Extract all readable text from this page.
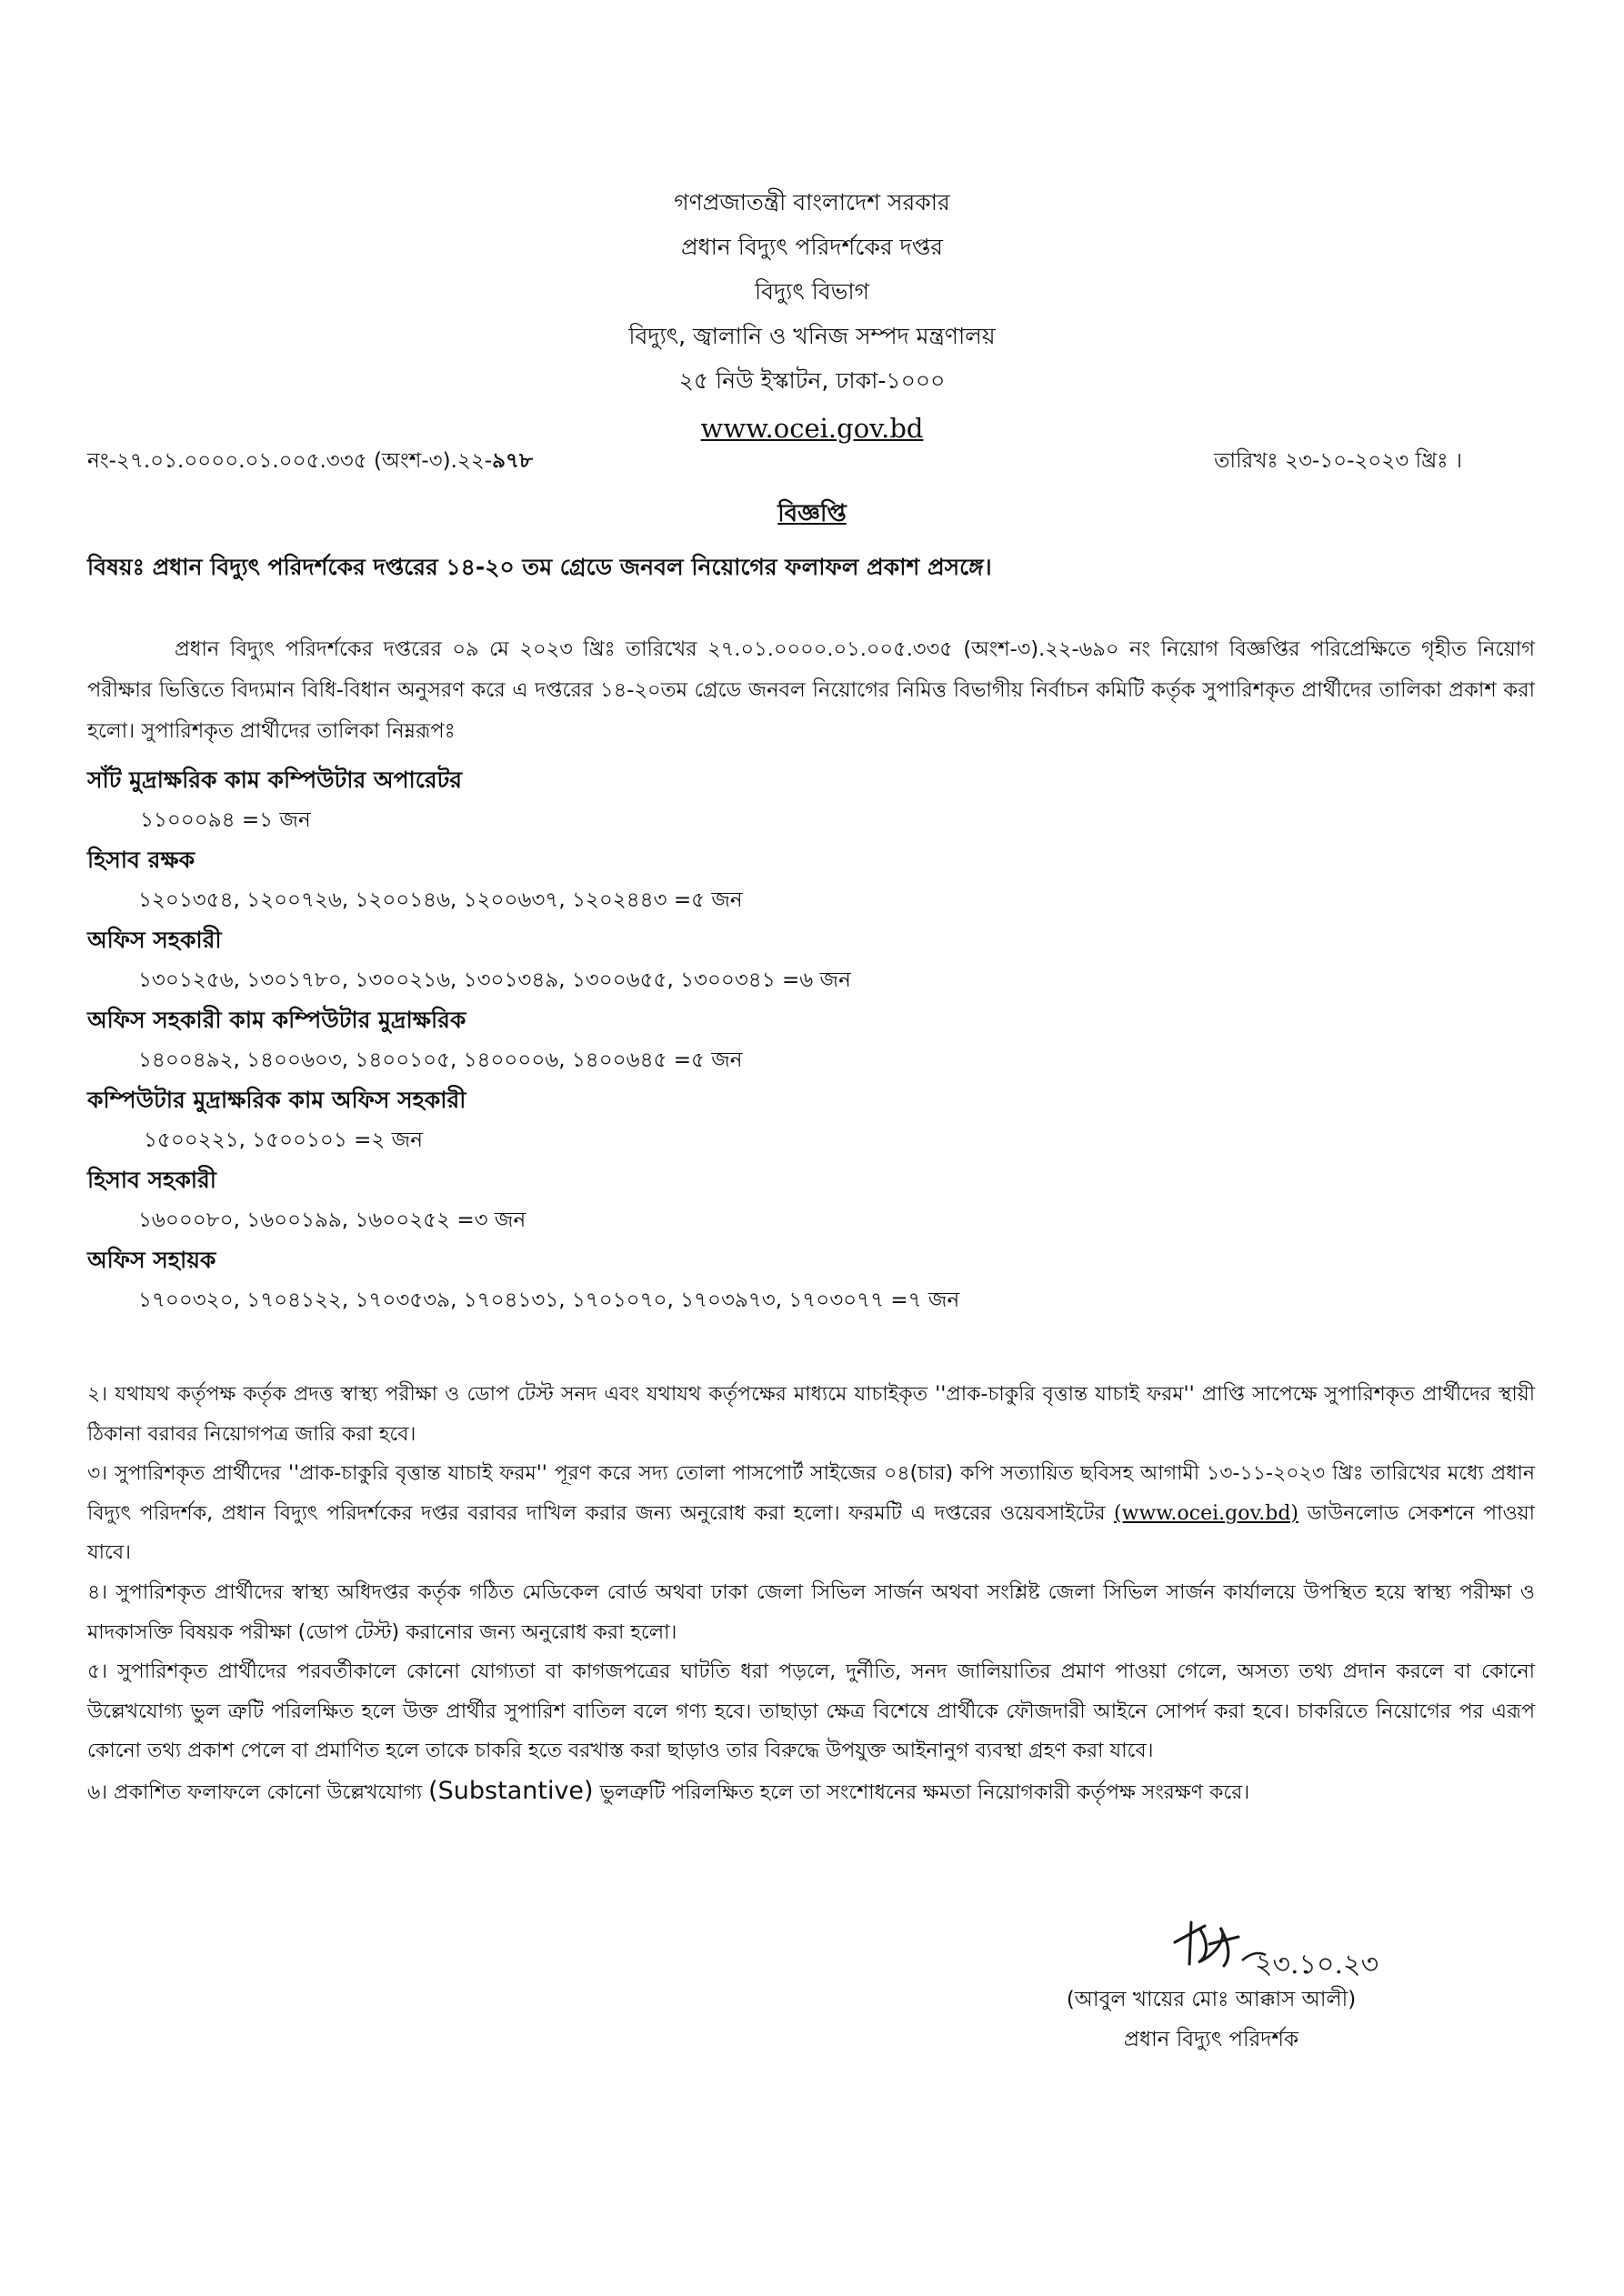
গণপ্রজাতন্ত্রী বাংলাদেশ সরকার
প্রধান বিদ্যুৎ পরিদর্শকের দপ্তর
বিদ্যুৎ বিভাগ
বিদ্যুৎ, জ্বালানি ও খনিজ সম্পদ মন্ত্রণালয়
২৫ নিউ ইস্কাটন, ঢাকা-১০০০
www.ocei.gov.bd
নং-২৭.০১.০০০০.০১.০০৫.৩৩৫ (অংশ-৩).২২-৯৭৮	তারিখঃ ২৩-১০-২০২৩ খ্রিঃ ।
বিজ্ঞপ্তি
বিষয়ঃ প্রধান বিদ্যুৎ পরিদর্শকের দপ্তরের ১৪-২০ তম গ্রেডে জনবল নিয়োগের ফলাফল প্রকাশ প্রসঙ্গে।
প্রধান বিদ্যুৎ পরিদর্শকের দপ্তরের ০৯ মে ২০২৩ খ্রিঃ তারিখের ২৭.০১.০০০০.০১.০০৫.৩৩৫ (অংশ-৩).২২-৬৯০ নং নিয়োগ বিজ্ঞপ্তির পরিপ্রেক্ষিতে গৃহীত নিয়োগ পরীক্ষার ভিত্তিতে বিদ্যমান বিধি-বিধান অনুসরণ করে এ দপ্তরের ১৪-২০তম গ্রেডে জনবল নিয়োগের নিমিত্ত বিভাগীয় নির্বাচন কমিটি কর্তৃক সুপারিশকৃত প্রার্থীদের তালিকা প্রকাশ করা হলো। সুপারিশকৃত প্রার্থীদের তালিকা নিম্নরূপঃ
সাঁট মুদ্রাক্ষরিক কাম কম্পিউটার অপারেটর
১১০০০৯৪ =১ জন
হিসাব রক্ষক
১২০১৩৫৪, ১২০০৭২৬, ১২০০১৪৬, ১২০০৬৩৭, ১২০২৪৪৩ =৫ জন
অফিস সহকারী
১৩০১২৫৬, ১৩০১৭৮০, ১৩০০২১৬, ১৩০১৩৪৯, ১৩০০৬৫৫, ১৩০০৩৪১ =৬ জন
অফিস সহকারী কাম কম্পিউটার মুদ্রাক্ষরিক
১৪০০৪৯২, ১৪০০৬০৩, ১৪০০১০৫, ১৪০০০০৬, ১৪০০৬৪৫ =৫ জন
কম্পিউটার মুদ্রাক্ষরিক কাম অফিস সহকারী
১৫০০২২১, ১৫০০১০১ =২ জন
হিসাব সহকারী
১৬০০০৮০, ১৬০০১৯৯, ১৬০০২৫২ =৩ জন
অফিস সহায়ক
১৭০০৩২০, ১৭০৪১২২, ১৭০৩৫৩৯, ১৭০৪১৩১, ১৭০১০৭০, ১৭০৩৯৭৩, ১৭০৩০৭৭ =৭ জন

২। যথাযথ কর্তৃপক্ষ কর্তৃক প্রদত্ত স্বাস্থ্য পরীক্ষা ও ডোপ টেস্ট সনদ এবং যথাযথ কর্তৃপক্ষের মাধ্যমে যাচাইকৃত ''প্রাক-চাকুরি বৃত্তান্ত যাচাই ফরম'' প্রাপ্তি সাপেক্ষে সুপারিশকৃত প্রার্থীদের স্থায়ী ঠিকানা বরাবর নিয়োগপত্র জারি করা হবে।

৩। সুপারিশকৃত প্রার্থীদের ''প্রাক-চাকুরি বৃত্তান্ত যাচাই ফরম'' পূরণ করে সদ্য তোলা পাসপোর্ট সাইজের ০৪(চার) কপি সত্যায়িত ছবিসহ আগামী ১৩-১১-২০২৩ খ্রিঃ তারিখের মধ্যে প্রধান বিদ্যুৎ পরিদর্শক, প্রধান বিদ্যুৎ পরিদর্শকের দপ্তর বরাবর দাখিল করার জন্য অনুরোধ করা হলো। ফরমটি এ দপ্তরের ওয়েবসাইটের (www.ocei.gov.bd) ডাউনলোড সেকশনে পাওয়া যাবে।

৪। সুপারিশকৃত প্রার্থীদের স্বাস্থ্য অধিদপ্তর কর্তৃক গঠিত মেডিকেল বোর্ড অথবা ঢাকা জেলা সিভিল সার্জন অথবা সংশ্লিষ্ট জেলা সিভিল সার্জন কার্যালয়ে উপস্থিত হয়ে স্বাস্থ্য পরীক্ষা ও মাদকাসক্তি বিষয়ক পরীক্ষা (ডোপ টেস্ট) করানোর জন্য অনুরোধ করা হলো।

৫। সুপারিশকৃত প্রার্থীদের পরবর্তীকালে কোনো যোগ্যতা বা কাগজপত্রের ঘাটতি ধরা পড়লে, দুর্নীতি, সনদ জালিয়াতির প্রমাণ পাওয়া গেলে, অসত্য তথ্য প্রদান করলে বা কোনো উল্লেখযোগ্য ভুল ত্রুটি পরিলক্ষিত হলে উক্ত প্রার্থীর সুপারিশ বাতিল বলে গণ্য হবে। তাছাড়া ক্ষেত্র বিশেষে প্রার্থীকে ফৌজদারী আইনে সোপর্দ করা হবে। চাকরিতে নিয়োগের পর এরূপ কোনো তথ্য প্রকাশ পেলে বা প্রমাণিত হলে তাকে চাকরি হতে বরখাস্ত করা ছাড়াও তার বিরুদ্ধে উপযুক্ত আইনানুগ ব্যবস্থা গ্রহণ করা যাবে।

৬। প্রকাশিত ফলাফলে কোনো উল্লেখযোগ্য (Substantive) ভুলত্রুটি পরিলক্ষিত হলে তা সংশোধনের ক্ষমতা নিয়োগকারী কর্তৃপক্ষ সংরক্ষণ করে।

২৩.১০.২৩
(আবুল খায়ের মোঃ আক্কাস আলী)
প্রধান বিদ্যুৎ পরিদর্শক
